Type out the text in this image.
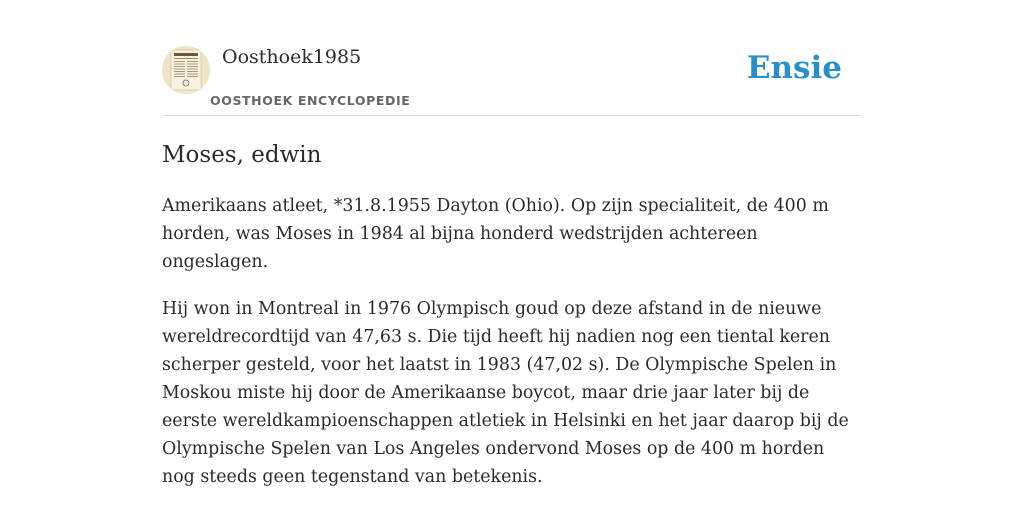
Oosthoek1985
OOSTHOEK ENCYCLOPEDIE
Ensie
Moses, edwin

Amerikaans atleet, *31.8.1955 Dayton (Ohio). Op zijn specialiteit, de 400 m horden, was Moses in 1984 al bijna honderd wedstrijden achtereen ongeslagen.

Hij won in Montreal in 1976 Olympisch goud op deze afstand in de nieuwe wereldrecordtijd van 47,63 s. Die tijd heeft hij nadien nog een tiental keren scherper gesteld, voor het laatst in 1983 (47,02 s). De Olympische Spelen in Moskou miste hij door de Amerikaanse boycot, maar drie jaar later bij de eerste wereldkampioenschappen atletiek in Helsinki en het jaar daarop bij de Olympische Spelen van Los Angeles ondervond Moses op de 400 m horden nog steeds geen tegenstand van betekenis.
